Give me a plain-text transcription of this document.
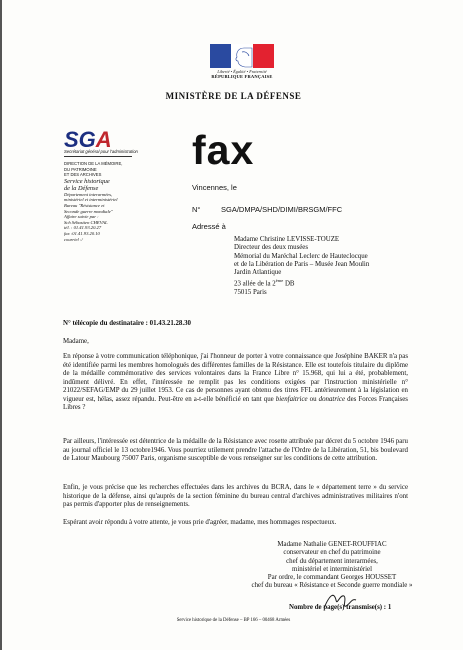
Liberté • Égalité • Fraternité
RÉPUBLIQUE FRANÇAISE
MINISTÈRE DE LA DÉFENSE
SGA
Secrétariat général pour l'administration
DIRECTION DE LA MÉMOIRE,
DU PATRIMOINE
ET DES ARCHIVES
Service historique
de la Défense
Département interarmées,
ministériel et interministériel
Bureau "Résistance et
Seconde guerre mondiale"
Affaire suivie par :
Sch Sébastien CHEVAL
tél. : 01.41.93.20.27
fax :01.41.93.20.10
courriel :/
fax
Vincennes, le
N°	SGA/DMPA/SHD/DIMI/BRSGM/FFC
Adressé à
Madame Christine LEVISSE-TOUZE
Directeur des deux musées
Mémorial du Maréchal Leclerc de Hauteclocque
et de la Libération de Paris – Musée Jean Moulin
Jardin Atlantique
23 allée de la 2ème DB
75015 Paris
N° télécopie du destinataire : 01.43.21.28.30
Madame,

En réponse à votre communication téléphonique, j'ai l'honneur de porter à votre connaissance que Joséphine BAKER n'a pas été identifiée parmi les membres homologués des différentes familles de la Résistance. Elle est toutefois titulaire du diplôme de la médaille commémorative des services volontaires dans la France Libre n° 15.968, qui lui a été, probablement, indûment délivré. En effet, l'intéressée ne remplit pas les conditions exigées par l'instruction ministérielle n° 21022/SEFAG/EMP du 29 juillet 1953. Ce cas de personnes ayant obtenu des titres FFL antérieurement à la législation en vigueur est, hélas, assez répandu. Peut-être en a-t-elle bénéficié en tant que bienfaitrice ou donatrice des Forces Françaises Libres ?

Par ailleurs, l'intéressée est détentrice de la médaille de la Résistance avec rosette attribuée par décret du 5 octobre 1946 paru au journal officiel le 13 octobre1946. Vous pourriez utilement prendre l'attache de l'Ordre de la Libération, 51, bis boulevard de Latour Maubourg 75007 Paris, organisme susceptible de vous renseigner sur les conditions de cette attribution.

Enfin, je vous précise que les recherches effectuées dans les archives du BCRA, dans le « département terre » du service historique de la défense, ainsi qu'auprès de la section féminine du bureau central d'archives administratives militaires n'ont pas permis d'apporter plus de renseignements.

Espérant avoir répondu à votre attente, je vous prie d'agréer, madame, mes hommages respectueux.

Madame Nathalie GENET-ROUFFIAC
conservateur en chef du patrimoine
chef du département interarmées,
ministériel et interministériel
Par ordre, le commandant Georges HOUSSET
chef du bureau « Résistance et Seconde guerre mondiale »
Nombre de page(s) transmise(s) : 1
Service historique de la Défense – BP 166 – 00468 Armées
